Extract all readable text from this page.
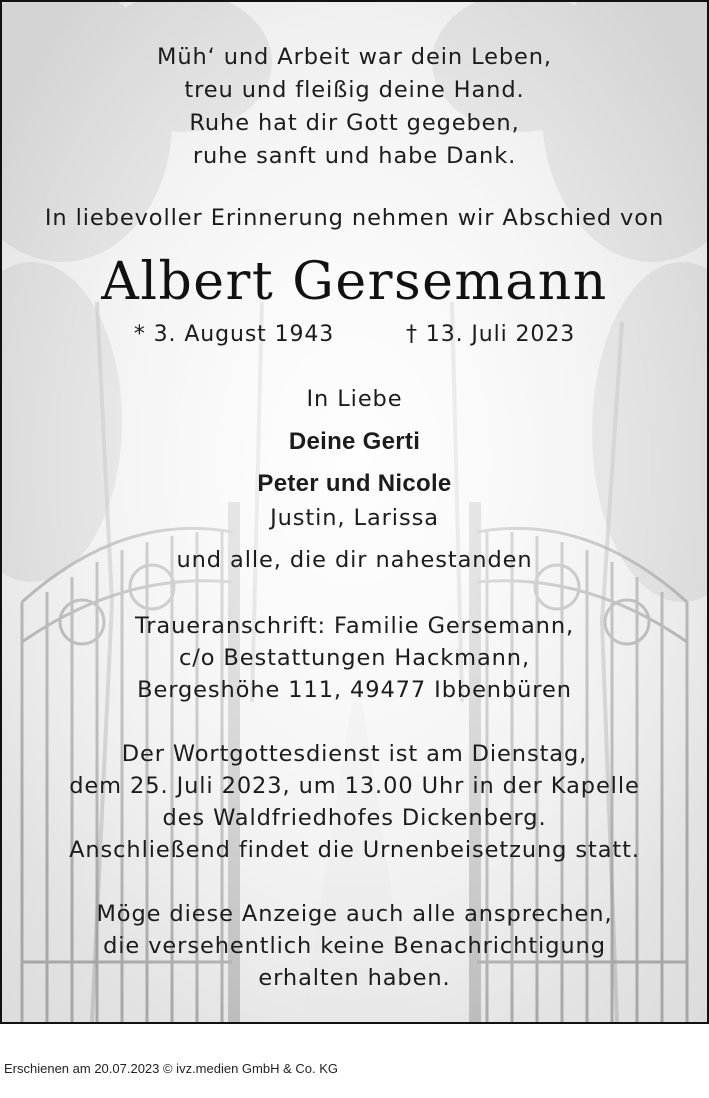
Müh‘ und Arbeit war dein Leben,
treu und fleißig deine Hand.
Ruhe hat dir Gott gegeben,
ruhe sanft und habe Dank.
In liebevoller Erinnerung nehmen wir Abschied von
Albert Gersemann
* 3. August 1943	† 13. Juli 2023
In Liebe
Deine Gerti
Peter und Nicole
Justin, Larissa
und alle, die dir nahestanden
Traueranschrift: Familie Gersemann,
c/o Bestattungen Hackmann,
Bergeshöhe 111, 49477 Ibbenbüren
Der Wortgottesdienst ist am Dienstag,
dem 25. Juli 2023, um 13.00 Uhr in der Kapelle
des Waldfriedhofes Dickenberg.
Anschließend findet die Urnenbeisetzung statt.
Möge diese Anzeige auch alle ansprechen,
die versehentlich keine Benachrichtigung
erhalten haben.
Erschienen am 20.07.2023 © ivz.medien GmbH & Co. KG
